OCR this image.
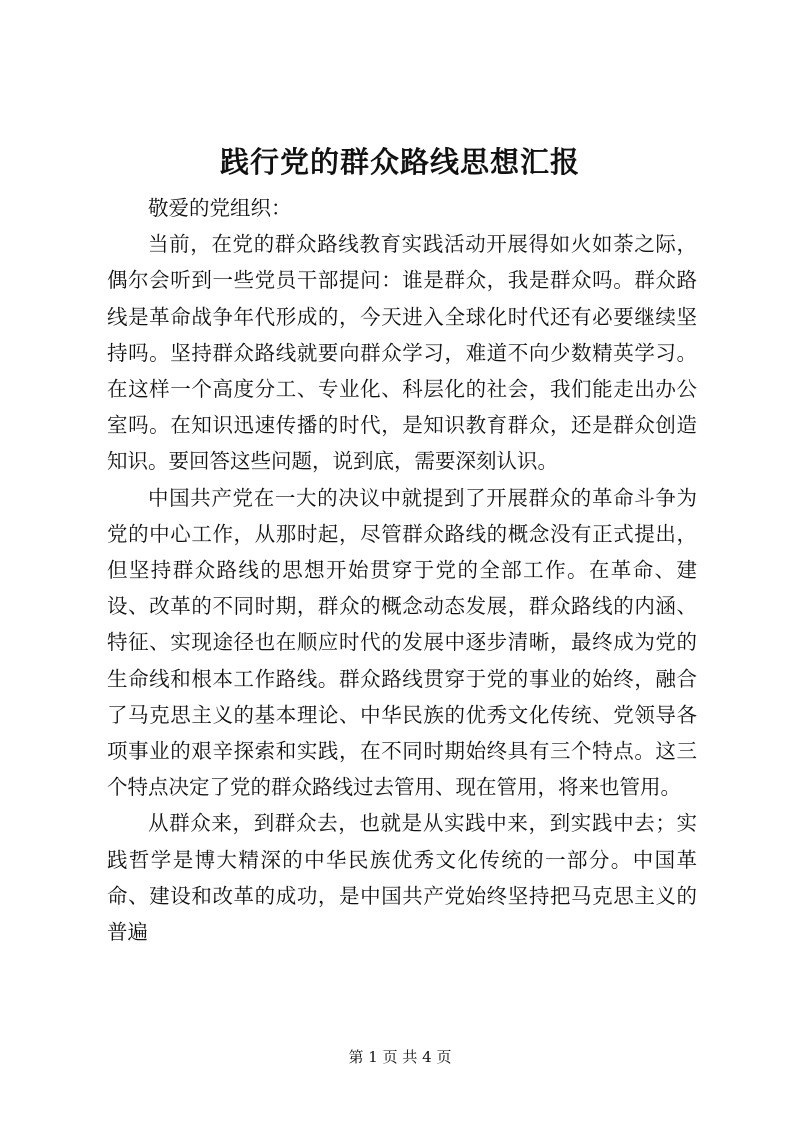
践行党的群众路线思想汇报

敬爱的党组织：

当前，在党的群众路线教育实践活动开展得如火如荼之际，偶尔会听到一些党员干部提问：谁是群众，我是群众吗。群众路线是革命战争年代形成的，今天进入全球化时代还有必要继续坚持吗。坚持群众路线就要向群众学习，难道不向少数精英学习。在这样一个高度分工、专业化、科层化的社会，我们能走出办公室吗。在知识迅速传播的时代，是知识教育群众，还是群众创造知识。要回答这些问题，说到底，需要深刻认识。

中国共产党在一大的决议中就提到了开展群众的革命斗争为党的中心工作，从那时起，尽管群众路线的概念没有正式提出，但坚持群众路线的思想开始贯穿于党的全部工作。在革命、建设、改革的不同时期，群众的概念动态发展，群众路线的内涵、特征、实现途径也在顺应时代的发展中逐步清晰，最终成为党的生命线和根本工作路线。群众路线贯穿于党的事业的始终，融合了马克思主义的基本理论、中华民族的优秀文化传统、党领导各项事业的艰辛探索和实践，在不同时期始终具有三个特点。这三个特点决定了党的群众路线过去管用、现在管用，将来也管用。

从群众来，到群众去，也就是从实践中来，到实践中去；实践哲学是博大精深的中华民族优秀文化传统的一部分。中国革命、建设和改革的成功，是中国共产党始终坚持把马克思主义的普遍

第 1 页 共 4 页
